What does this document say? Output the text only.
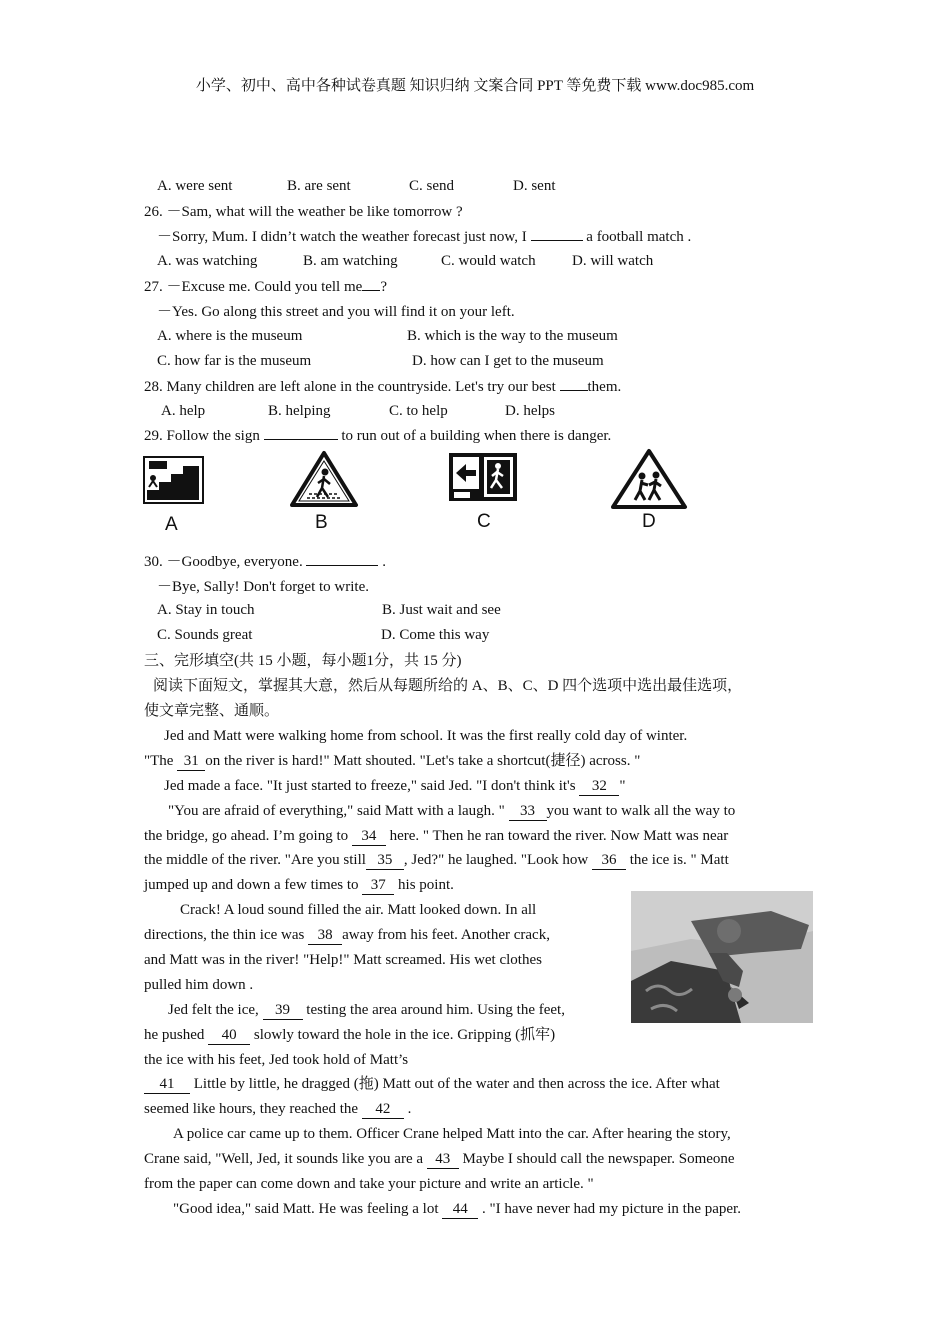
小学、初中、高中各种试卷真题 知识归纳 文案合同 PPT 等免费下载 www.doc985.com
A. were sent	B. are sent	C. send	D. sent
26. －Sam, what will the weather be like tomorrow ?
－Sorry, Mum. I didn’t watch the weather forecast just now, I	a football match .
A. was watching	B. am watching	C. would watch D. will watch
27. －Excuse me. Could you tell me ?
－Yes. Go along this street and you will find it on your left.
A. where is the museum	B. which is the way to the museum
C. how far is the museum	D. how can I get to the museum
28. Many children are left alone in the countryside. Let's try our best them.
A. help	B. helping	C. to help	D. helps
29. Follow the sign	to run out of a building when there is danger.
A	B	C	D
30. －Goodbye, everyone.	.
－Bye, Sally! Don't forget to write.
A. Stay in touch	B. Just wait and see
C. Sounds great	D. Come this way
三、完形填空(共 15 小题，每小题1分，共 15 分)
阅读下面短文，掌握其大意，然后从每题所给的 A、B、C、D 四个选项中选出最佳选项，
使文章完整、通顺。
Jed and Matt were walking home from school. It was the first really cold day of winter.
"The 31 on the river is hard!" Matt shouted. "Let's take a shortcut(捷径) across. "
Jed made a face. "It just started to freeze," said Jed. "I don't think it's 32 "
"You are afraid of everything," said Matt with a laugh. " 33 you want to walk all the way to
the bridge, go ahead. I’m going to 34 here. " Then he ran toward the river. Now Matt was near
the middle of the river. "Are you still 35 , Jed?" he laughed. "Look how 36 the ice is. " Matt
jumped up and down a few times to 37 his point.
Crack! A loud sound filled the air. Matt looked down. In all
directions, the thin ice was 38 away from his feet. Another crack,
and Matt was in the river! "Help!" Matt screamed. His wet clothes
pulled him down .
Jed felt the ice, 39 testing the area around him. Using the feet,
he pushed 40 slowly toward the hole in the ice. Gripping (抓牢)
the ice with his feet, Jed took hold of Matt’s
41 Little by little, he dragged (拖) Matt out of the water and then across the ice. After what
seemed like hours, they reached the 42 .
A police car came up to them. Officer Crane helped Matt into the car. After hearing the story,
Crane said, "Well, Jed, it sounds like you are a 43 Maybe I should call the newspaper. Someone
from the paper can come down and take your picture and write an article. "
"Good idea," said Matt. He was feeling a lot 44 . "I have never had my picture in the paper.
